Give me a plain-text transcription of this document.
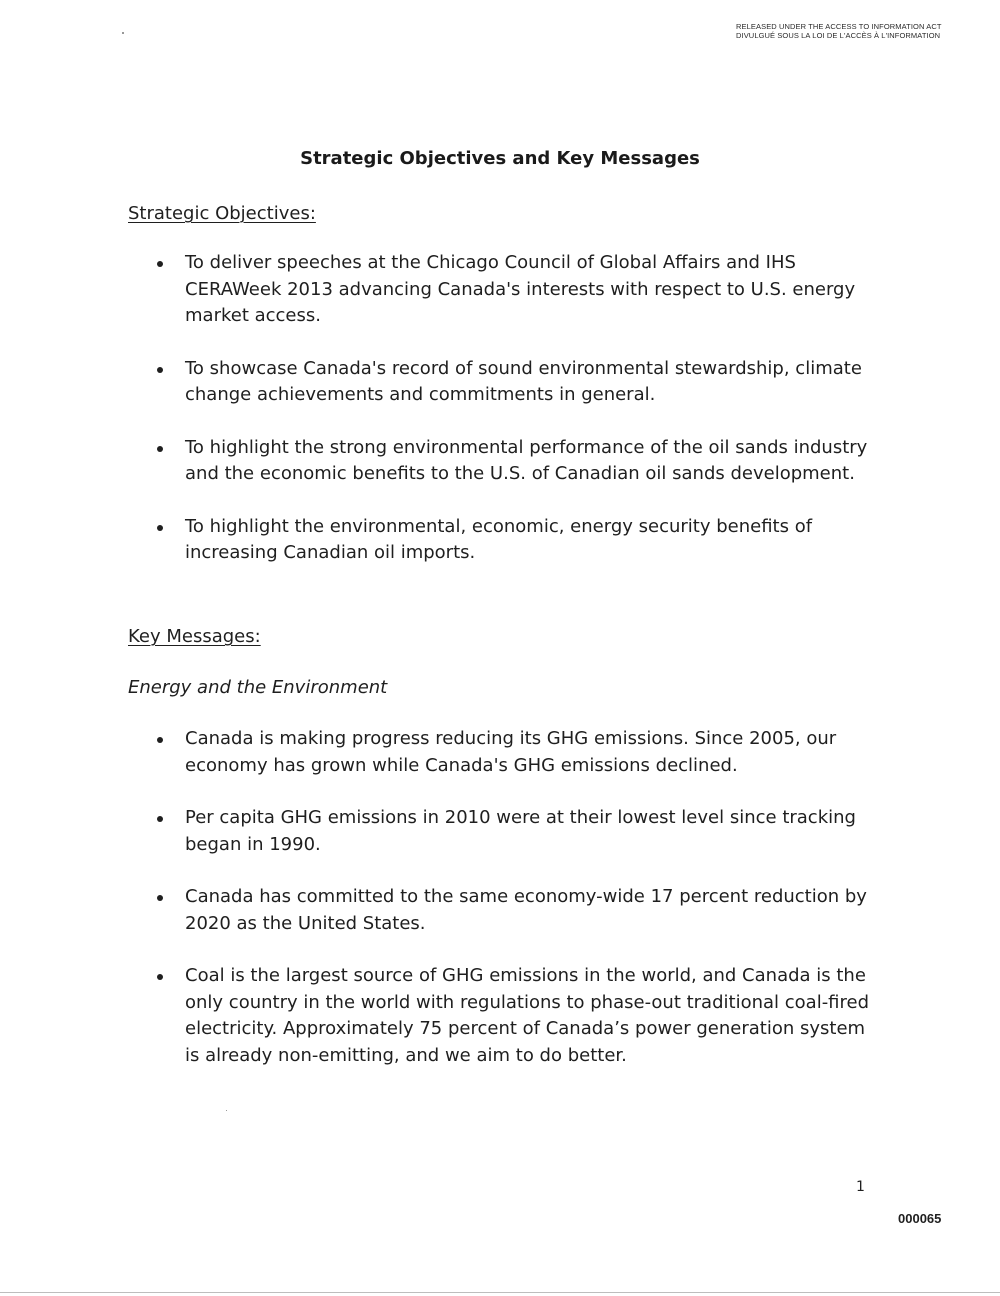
RELEASED UNDER THE ACCESS TO INFORMATION ACT
DIVULGUÉ SOUS LA LOI DE L'ACCÈS À L'INFORMATION
Strategic Objectives and Key Messages
Strategic Objectives:
To deliver speeches at the Chicago Council of Global Affairs and IHS CERAWeek 2013 advancing Canada's interests with respect to U.S. energy market access.
To showcase Canada's record of sound environmental stewardship, climate change achievements and commitments in general.
To highlight the strong environmental performance of the oil sands industry and the economic benefits to the U.S. of Canadian oil sands development.
To highlight the environmental, economic, energy security benefits of increasing Canadian oil imports.
Key Messages:
Energy and the Environment
Canada is making progress reducing its GHG emissions. Since 2005, our economy has grown while Canada's GHG emissions declined.
Per capita GHG emissions in 2010 were at their lowest level since tracking began in 1990.
Canada has committed to the same economy-wide 17 percent reduction by 2020 as the United States.
Coal is the largest source of GHG emissions in the world, and Canada is the only country in the world with regulations to phase-out traditional coal-fired electricity. Approximately 75 percent of Canada’s power generation system is already non-emitting, and we aim to do better.
1
000065
